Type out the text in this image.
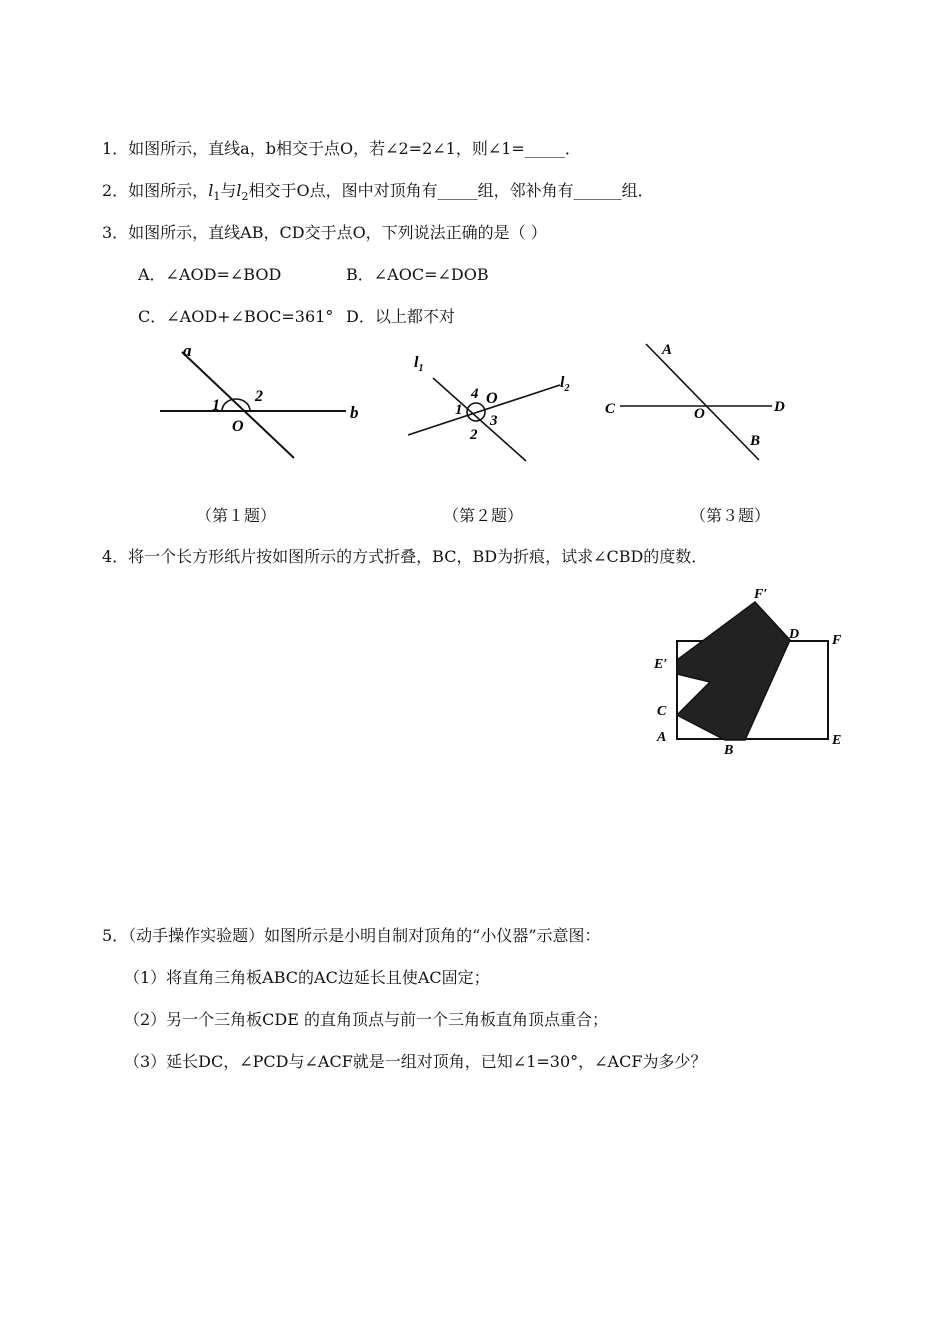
1．如图所示，直线a，b相交于点O，若∠2=2∠1，则∠1=_____．
2．如图所示，$l_1$与$l_2$相交于O点，图中对顶角有_____组，邻补角有______组．
3．如图所示，直线AB，CD交于点O，下列说法正确的是（ ）
A．∠AOD=∠BOD	B．∠AOC=∠DOB
C．∠AOD+∠BOC=361° D．以上都不对
a
b
O
1
2
$l_1$
$l_2$
O
4
1
2
3
A
B
C	D
O
（第１题）	（第２题）	（第３题）
4．将一个长方形纸片按如图所示的方式折叠，BC，BD为折痕，试求∠CBD的度数．
F′
D F
E′
A′
C
A
B
E
5．（动手操作实验题）如图所示是小明自制对顶角的“小仪器”示意图：
（1）将直角三角板ABC的AC边延长且使AC固定；
（2）另一个三角板CDE 的直角顶点与前一个三角板直角顶点重合；
（3）延长DC，∠PCD与∠ACF就是一组对顶角，已知∠1=30°，∠ACF为多少？
